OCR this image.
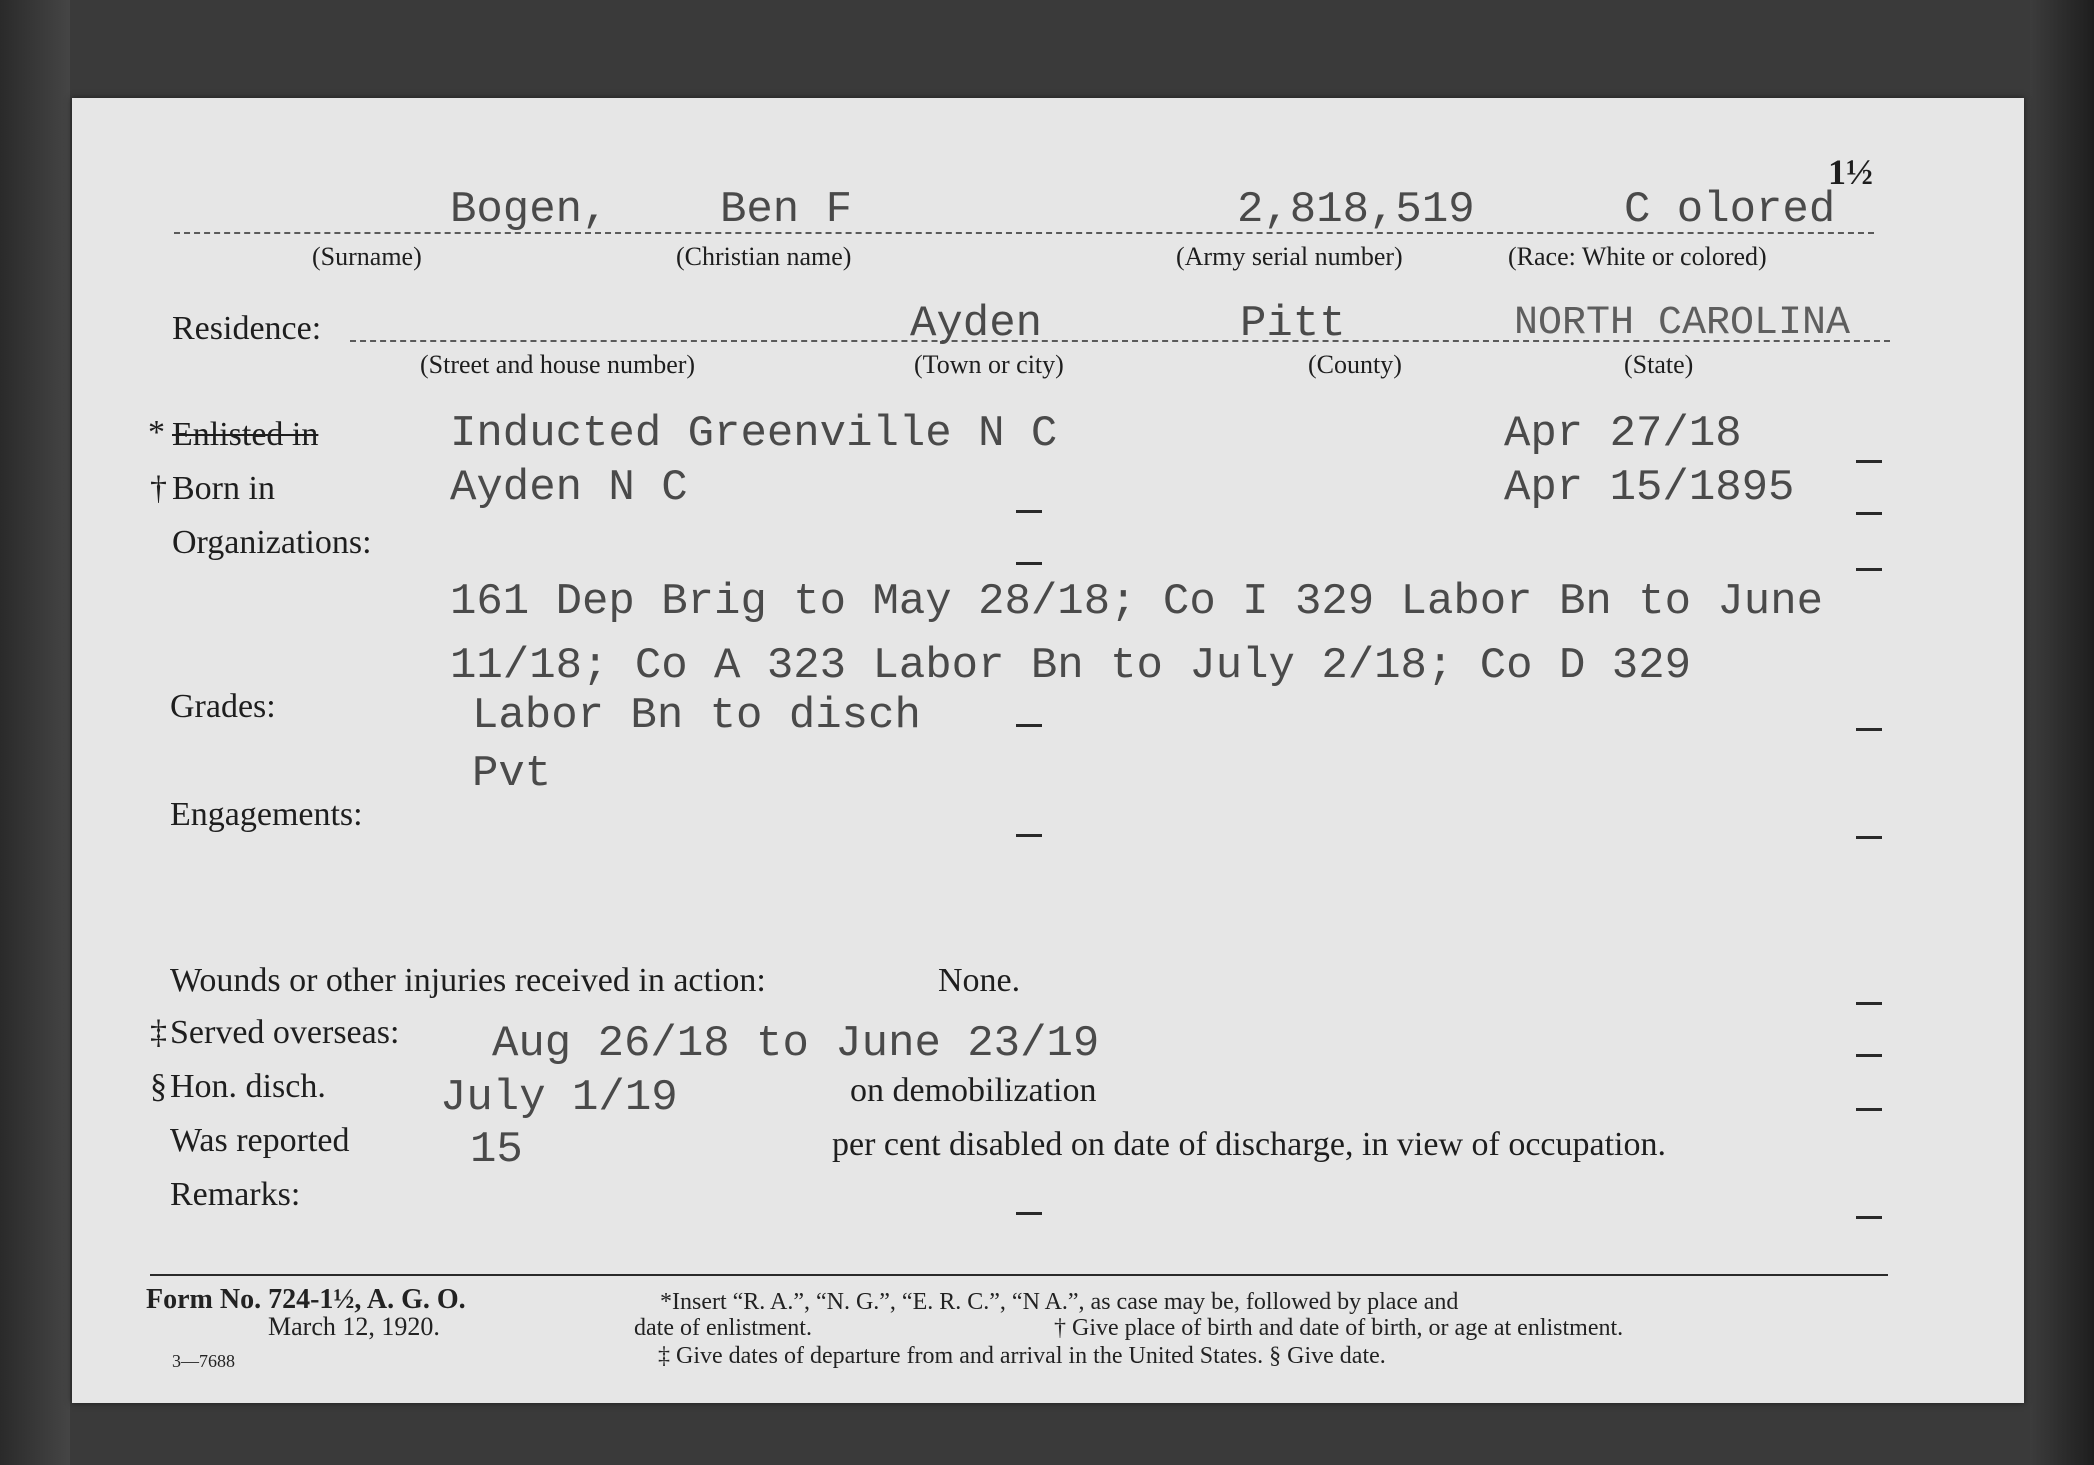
1½
Bogen,	Ben F	2,818,519	C olored
(Surname)	(Christian name)	(Army serial number)	(Race: White or colored)
Residence:	Ayden	Pitt	NORTH CAROLINA
(Street and house number)	(Town or city)	(County)	(State)
* Enlisted in	Inducted Greenville N C	Apr 27/18
† Born in	Ayden N C	Apr 15/1895
Organizations:
161 Dep Brig to May 28/18; Co I 329 Labor Bn to June
11/18; Co A 323 Labor Bn to July 2/18; Co D 329
Grades:	Labor Bn to disch
Pvt
Engagements:
Wounds or other injuries received in action:	None.
‡ Served overseas: Aug 26/18 to June 23/19
§ Hon. disch.	July 1/19	on demobilization
Was reported	15	per cent disabled on date of discharge, in view of occupation.
Remarks:
Form No. 724-1½, A. G. O.
March 12, 1920.
3—7688
*Insert “R. A.”, “N. G.”, “E. R. C.”, “N A.”, as case may be, followed by place and
date of enlistment.	† Give place of birth and date of birth, or age at enlistment.
‡ Give dates of departure from and arrival in the United States. § Give date.
